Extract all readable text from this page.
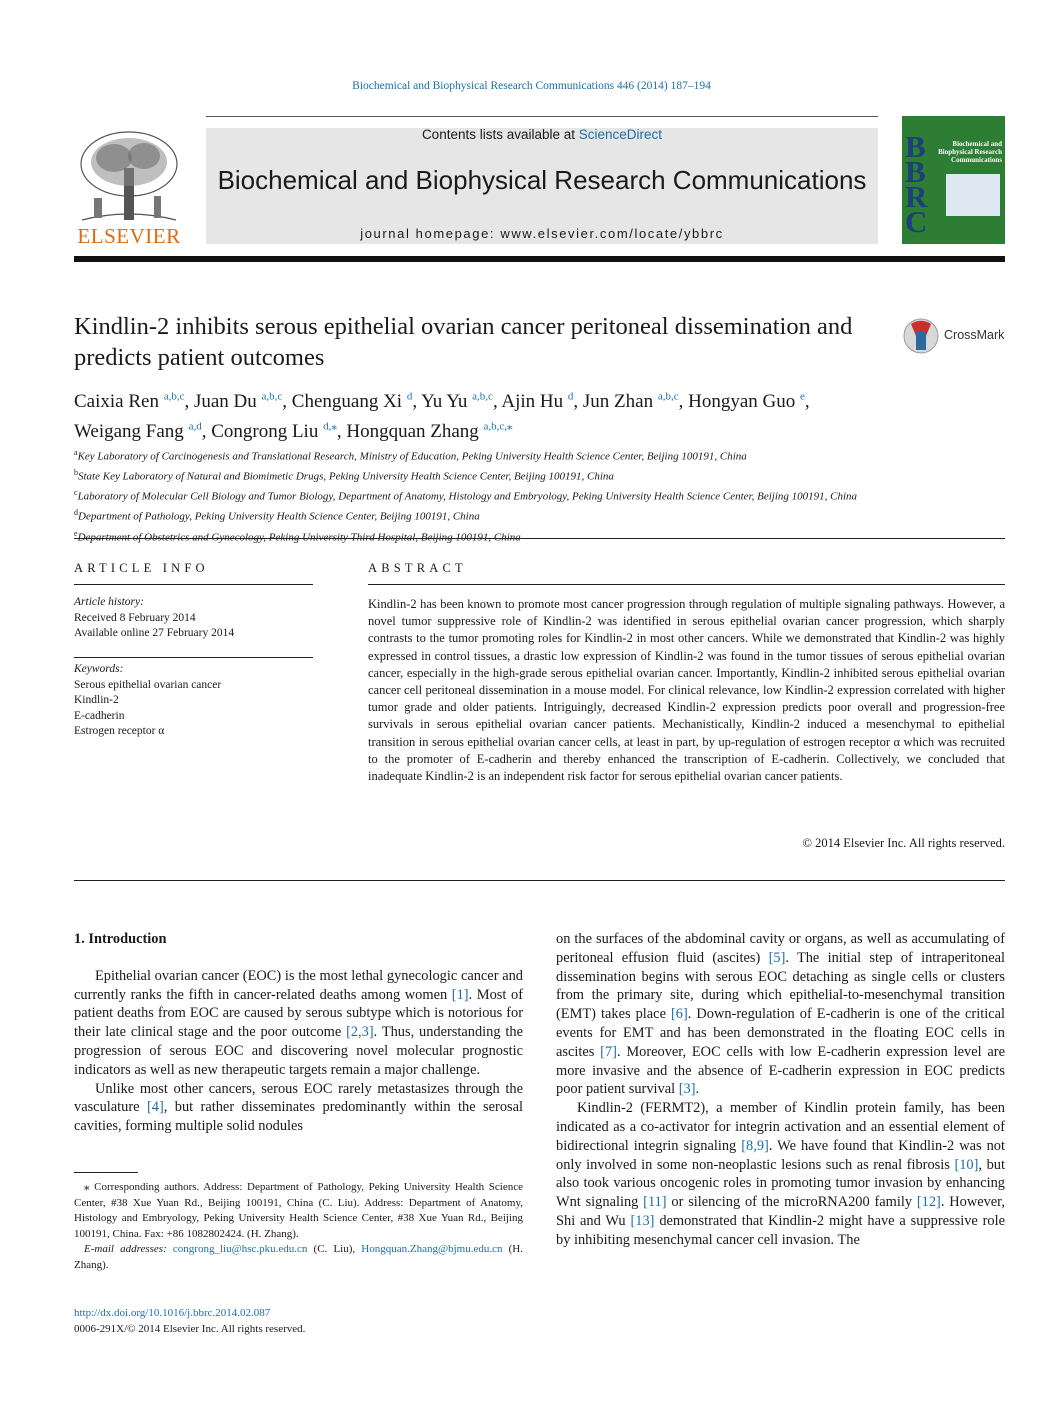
Biochemical and Biophysical Research Communications 446 (2014) 187–194
ELSEVIER
Contents lists available at ScienceDirect
Biochemical and Biophysical Research Communications
journal homepage: www.elsevier.com/locate/ybbrc
B
B
R
C
Biochemical and Biophysical Research Communications
Kindlin-2 inhibits serous epithelial ovarian cancer peritoneal dissemination and predicts patient outcomes
CrossMark
Caixia Ren $^{a,b,c}$, Juan Du $^{a,b,c}$, Chenguang Xi $^d$, Yu Yu $^{a,b,c}$, Ajin Hu $^d$, Jun Zhan $^{a,b,c}$, Hongyan Guo $^e$,
Weigang Fang $^{a,d}$, Congrong Liu $^{d,⁎}$, Hongquan Zhang $^{a,b,c,⁎}$
$^a$Key Laboratory of Carcinogenesis and Translational Research, Ministry of Education, Peking University Health Science Center, Beijing 100191, China
$^b$State Key Laboratory of Natural and Biomimetic Drugs, Peking University Health Science Center, Beijing 100191, China
$^c$Laboratory of Molecular Cell Biology and Tumor Biology, Department of Anatomy, Histology and Embryology, Peking University Health Science Center, Beijing 100191, China
$^d$Department of Pathology, Peking University Health Science Center, Beijing 100191, China
$^e$
ARTICLE INFO
Article history:
Received 8 February 2014
Available online 27 February 2014
Keywords:
Serous epithelial ovarian cancer
Kindlin-2
E-cadherin
Estrogen receptor α
ABSTRACT
Kindlin-2 has been known to promote most cancer progression through regulation of multiple signaling pathways. However, a novel tumor suppressive role of Kindlin-2 was identified in serous epithelial ovarian cancer progression, which sharply contrasts to the tumor promoting roles for Kindlin-2 in most other cancers. While we demonstrated that Kindlin-2 was highly expressed in control tissues, a drastic low expression of Kindlin-2 was found in the tumor tissues of serous epithelial ovarian cancer, especially in the high-grade serous epithelial ovarian cancer. Importantly, Kindlin-2 inhibited serous epithelial ovarian cancer cell peritoneal dissemination in a mouse model. For clinical relevance, low Kindlin-2 expression correlated with higher tumor grade and older patients. Intriguingly, decreased Kindlin-2 expression predicts poor overall and progression-free survivals in serous epithelial ovarian cancer patients. Mechanistically, Kindlin-2 induced a mesenchymal to epithelial transition in serous epithelial ovarian cancer cells, at least in part, by up-regulation of estrogen receptor α which was recruited to the promoter of E-cadherin and thereby enhanced the transcription of E-cadherin. Collectively, we concluded that inadequate Kindlin-2 is an independent risk factor for serous epithelial ovarian cancer patients.
© 2014 Elsevier Inc. All rights reserved.
1. Introduction

Epithelial ovarian cancer (EOC) is the most lethal gynecologic cancer and currently ranks the fifth in cancer-related deaths among women [1]. Most of patient deaths from EOC are caused by serous subtype which is notorious for their late clinical stage and the poor outcome [2,3]. Thus, understanding the progression of serous EOC and discovering novel molecular prognostic indicators as well as new therapeutic targets remain a major challenge.

Unlike most other cancers, serous EOC rarely metastasizes through the vasculature [4], but rather disseminates predominantly within the serosal cavities, forming multiple solid nodules

⁎ Corresponding authors. Address: Department of Pathology, Peking University Health Science Center, #38 Xue Yuan Rd., Beijing 100191, China (C. Liu). Address: Department of Anatomy, Histology and Embryology, Peking University Health Science Center, #38 Xue Yuan Rd., Beijing 100191, China. Fax: +86 1082802424. (H. Zhang).
E-mail addresses: congrong_liu@hsc.pku.edu.cn (C. Liu), Hongquan.Zhang@bjmu.edu.cn (H. Zhang).
http://dx.doi.org/10.1016/j.bbrc.2014.02.087
0006-291X/© 2014 Elsevier Inc. All rights reserved.

on the surfaces of the abdominal cavity or organs, as well as accumulating of peritoneal effusion fluid (ascites) [5]. The initial step of intraperitoneal dissemination begins with serous EOC detaching as single cells or clusters from the primary site, during which epithelial-to-mesenchymal transition (EMT) takes place [6]. Down-regulation of E-cadherin is one of the critical events for EMT and has been demonstrated in the floating EOC cells in ascites [7]. Moreover, EOC cells with low E-cadherin expression level are more invasive and the absence of E-cadherin expression in EOC predicts poor patient survival [3].

Kindlin-2 (FERMT2), a member of Kindlin protein family, has been indicated as a co-activator for integrin activation and an essential element of bidirectional integrin signaling [8,9]. We have found that Kindlin-2 was not only involved in some non-neoplastic lesions such as renal fibrosis [10], but also took various oncogenic roles in promoting tumor invasion by enhancing Wnt signaling [11] or silencing of the microRNA200 family [12]. However, Shi and Wu [13] demonstrated that Kindlin-2 might have a suppressive role by inhibiting mesenchymal cancer cell invasion. The
